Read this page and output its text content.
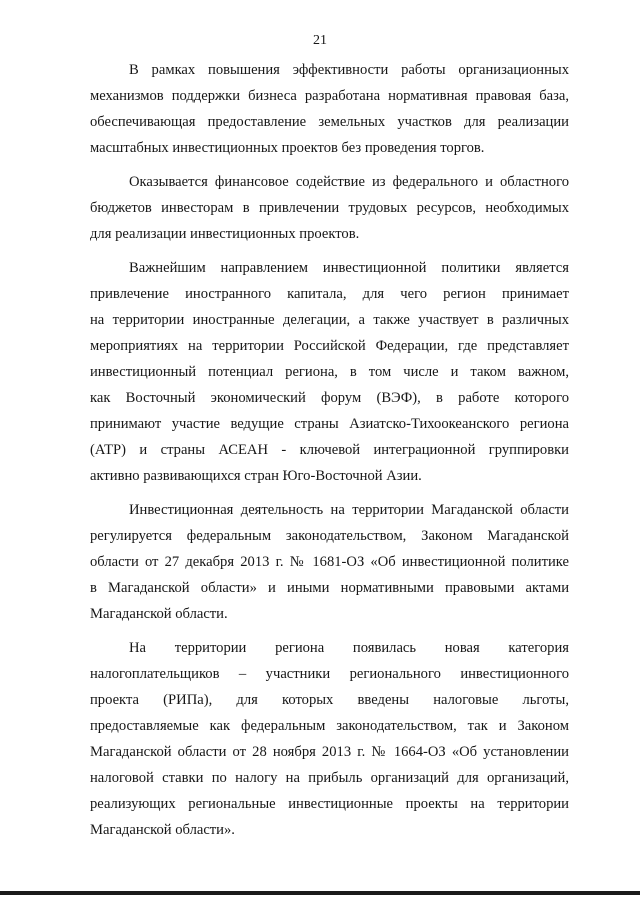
21

В рамках повышения эффективности работы организационных

механизмов поддержки бизнеса разработана нормативная правовая база,

обеспечивающая предоставление земельных участков для реализации

масштабных инвестиционных проектов без проведения торгов.

Оказывается финансовое содействие из федерального и областного

бюджетов инвесторам в привлечении трудовых ресурсов, необходимых

для реализации инвестиционных проектов.

Важнейшим направлением инвестиционной политики является

привлечение иностранного капитала, для чего регион принимает

на территории иностранные делегации, а также участвует в различных

мероприятиях на территории Российской Федерации, где представляет

инвестиционный потенциал региона, в том числе и таком важном,

как Восточный экономический форум (ВЭФ), в работе которого

принимают участие ведущие страны Азиатско-Тихоокеанского региона

(АТР) и страны АСЕАН - ключевой интеграционной группировки

активно развивающихся стран Юго-Восточной Азии.

Инвестиционная деятельность на территории Магаданской области

регулируется федеральным законодательством, Законом Магаданской

области от 27 декабря 2013 г. № 1681-ОЗ «Об инвестиционной политике

в Магаданской области» и иными нормативными правовыми актами

Магаданской области.

На территории региона появилась новая категория

налогоплательщиков – участники регионального инвестиционного

проекта (РИПа), для которых введены налоговые льготы,

предоставляемые как федеральным законодательством, так и Законом

Магаданской области от 28 ноября 2013 г. № 1664-ОЗ «Об установлении

налоговой ставки по налогу на прибыль организаций для организаций,

реализующих региональные инвестиционные проекты на территории

Магаданской области».
